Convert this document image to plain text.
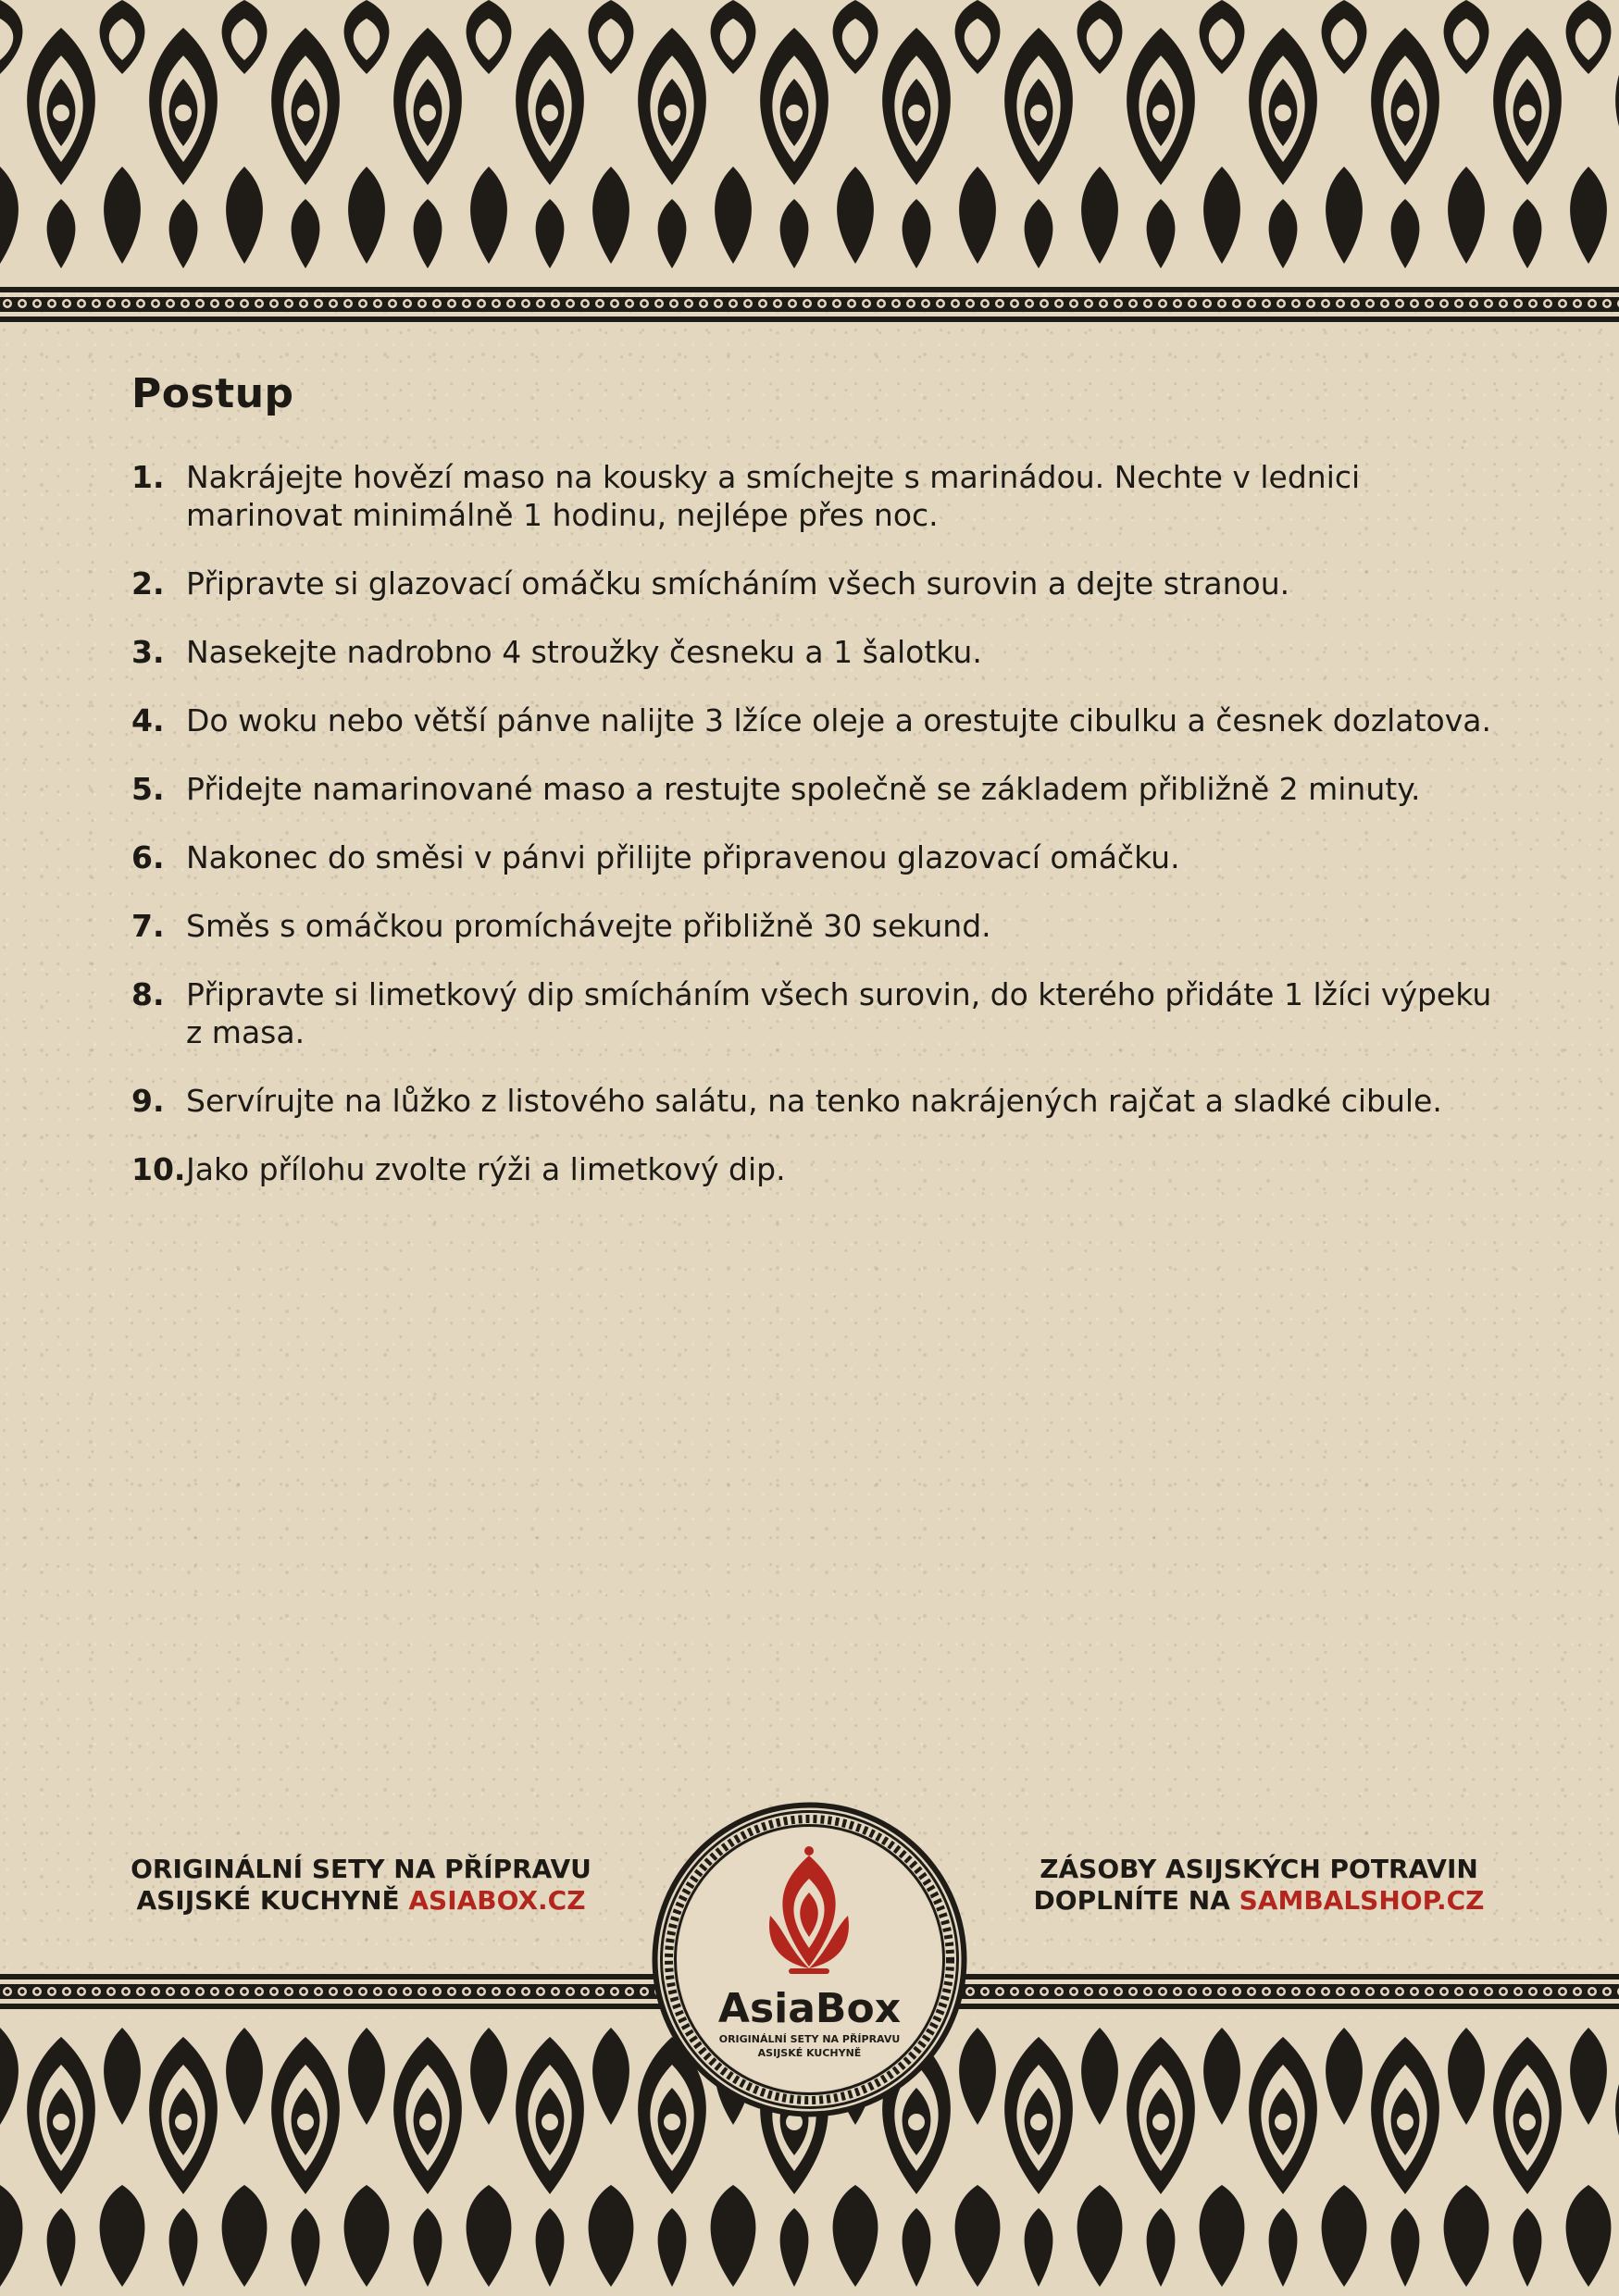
Postup
1. Nakrájejte hovězí maso na kousky a smíchejte s marinádou. Nechte v lednici marinovat minimálně 1 hodinu, nejlépe přes noc.
2. Připravte si glazovací omáčku smícháním všech surovin a dejte stranou.
3. Nasekejte nadrobno 4 stroužky česneku a 1 šalotku.
4. Do woku nebo větší pánve nalijte 3 lžíce oleje a orestujte cibulku a česnek dozlatova.
5. Přidejte namarinované maso a restujte společně se základem přibližně 2 minuty.
6. Nakonec do směsi v pánvi přilijte připravenou glazovací omáčku.
7. Směs s omáčkou promíchávejte přibližně 30 sekund.
8. Připravte si limetkový dip smícháním všech surovin, do kterého přidáte 1 lžíci výpeku z masa.
9. Servírujte na lůžko z listového salátu, na tenko nakrájených rajčat a sladké cibule.
10. Jako přílohu zvolte rýži a limetkový dip.
ORIGINÁLNÍ SETY NA PŘÍPRAVU
ASIJSKÉ KUCHYNĚ ASIABOX.CZ
ZÁSOBY ASIJSKÝCH POTRAVIN
DOPLNÍTE NA SAMBALSHOP.CZ
AsiaBox
ORIGINÁLNÍ SETY NA PŘÍPRAVU
ASIJSKÉ KUCHYNĚ
